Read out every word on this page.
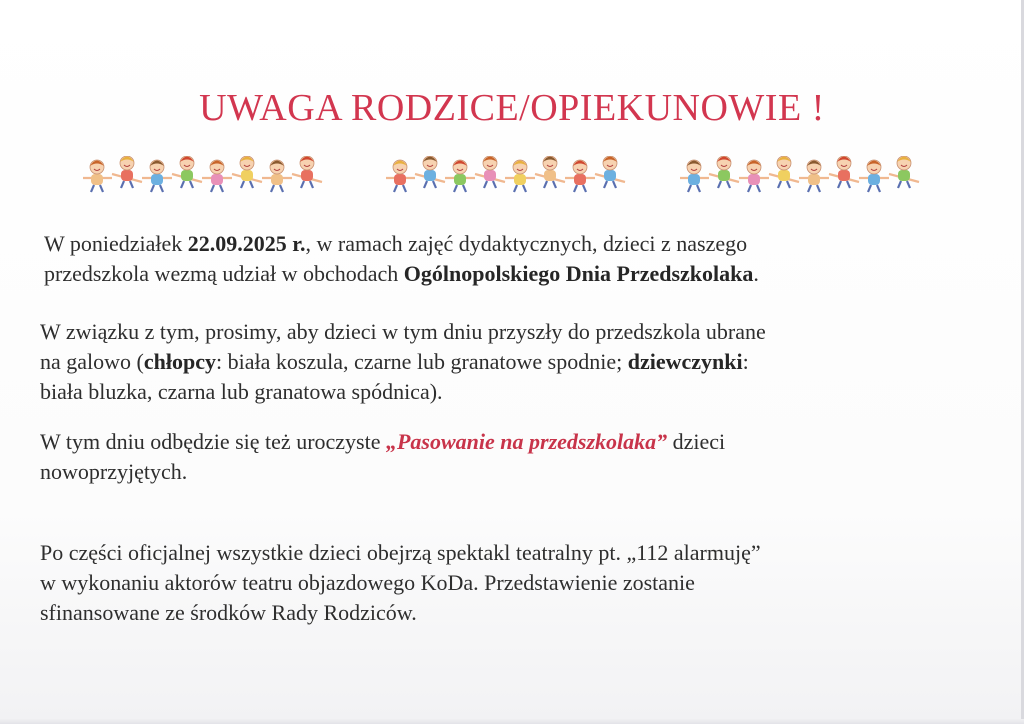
UWAGA RODZICE/OPIEKUNOWIE !

W poniedziałek 22.09.2025 r., w ramach zajęć dydaktycznych, dzieci z naszego
przedszkola wezmą udział w obchodach Ogólnopolskiego Dnia Przedszkolaka.

W związku z tym, prosimy, aby dzieci w tym dniu przyszły do przedszkola ubrane
na galowo (chłopcy: biała koszula, czarne lub granatowe spodnie; dziewczynki:
biała bluzka, czarna lub granatowa spódnica).

W tym dniu odbędzie się też uroczyste „Pasowanie na przedszkolaka” dzieci
nowoprzyjętych.

Po części oficjalnej wszystkie dzieci obejrzą spektakl teatralny pt. „112 alarmuję”
w wykonaniu aktorów teatru objazdowego KoDa. Przedstawienie zostanie
sfinansowane ze środków Rady Rodziców.
